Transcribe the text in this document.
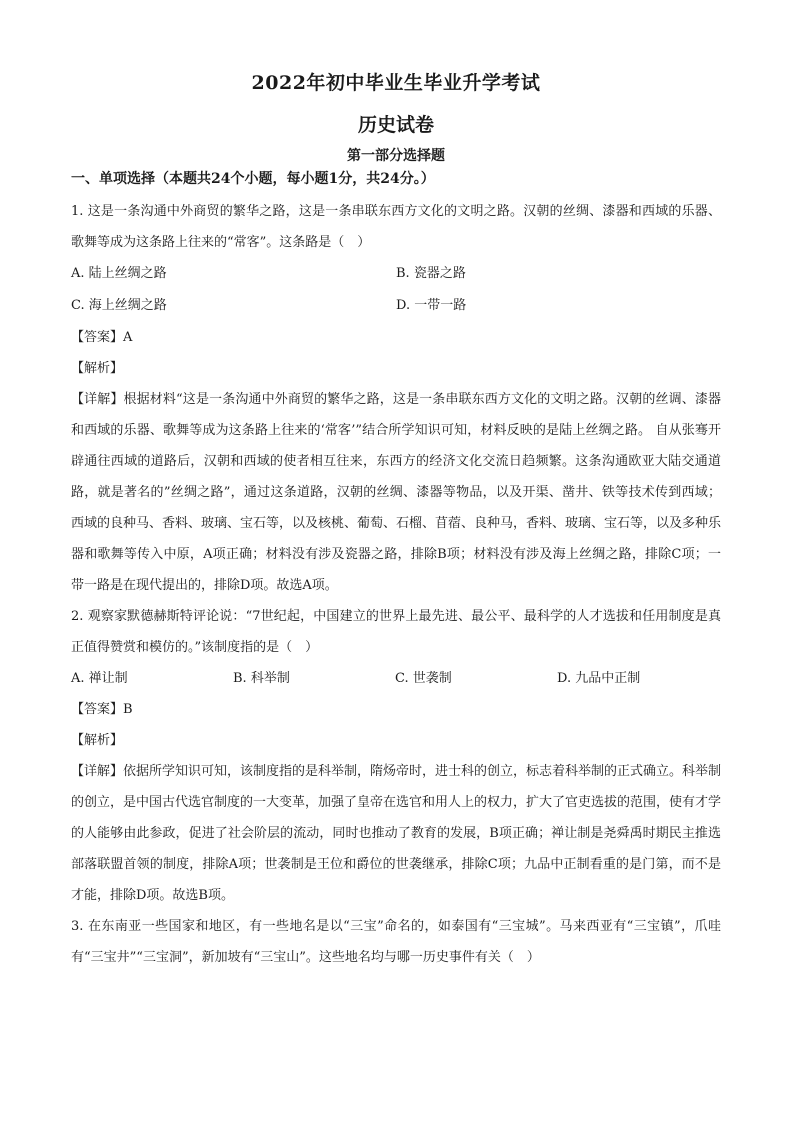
2022年初中毕业生毕业升学考试
历史试卷
第一部分选择题
一、单项选择（本题共24个小题，每小题1分，共24分。）

1. 这是一条沟通中外商贸的繁华之路，这是一条串联东西方文化的文明之路。汉朝的丝绸、漆器和西域的乐器、歌舞等成为这条路上往来的“常客”。这条路是（　）

A. 陆上丝绸之路	B. 瓷器之路
C. 海上丝绸之路	D. 一带一路
【答案】A
【解析】

【详解】根据材料“这是一条沟通中外商贸的繁华之路，这是一条串联东西方文化的文明之路。汉朝的丝调、漆器和西域的乐器、歌舞等成为这条路上往来的‘常客’”结合所学知识可知，材料反映的是陆上丝绸之路。 自从张骞开辟通往西域的道路后，汉朝和西域的使者相互往来，东西方的经济文化交流日趋频繁。这条沟通欧亚大陆交通道路，就是著名的”丝绸之路”，通过这条道路，汉朝的丝绸、漆器等物品，以及开渠、凿井、铁等技术传到西域；西域的良种马、香料、玻璃、宝石等，以及核桃、葡萄、石榴、苜蓿、良种马，香料、玻璃、宝石等，以及多种乐器和歌舞等传入中原，A项正确；材料没有涉及瓷器之路，排除B项；材料没有涉及海上丝绸之路，排除C项；一带一路是在现代提出的，排除D项。故选A项。

2. 观察家默德赫斯特评论说：“7世纪起，中国建立的世界上最先进、最公平、最科学的人才选拔和任用制度是真正值得赞赏和模仿的。”该制度指的是（　）

A. 禅让制	B. 科举制	C. 世袭制	D. 九品中正制
【答案】B
【解析】

【详解】依据所学知识可知，该制度指的是科举制，隋炀帝时，进士科的创立，标志着科举制的正式确立。科举制的创立，是中国古代选官制度的一大变革，加强了皇帝在选官和用人上的权力，扩大了官吏选拔的范围，使有才学的人能够由此参政，促进了社会阶层的流动，同时也推动了教育的发展，B项正确；禅让制是尧舜禹时期民主推选部落联盟首领的制度，排除A项；世袭制是王位和爵位的世袭继承，排除C项；九品中正制看重的是门第，而不是才能，排除D项。故选B项。

3. 在东南亚一些国家和地区，有一些地名是以“三宝”命名的，如泰国有“三宝城”。马来西亚有“三宝镇”，爪哇有“三宝井”“三宝洞”，新加坡有“三宝山”。这些地名均与哪一历史事件有关（　）
